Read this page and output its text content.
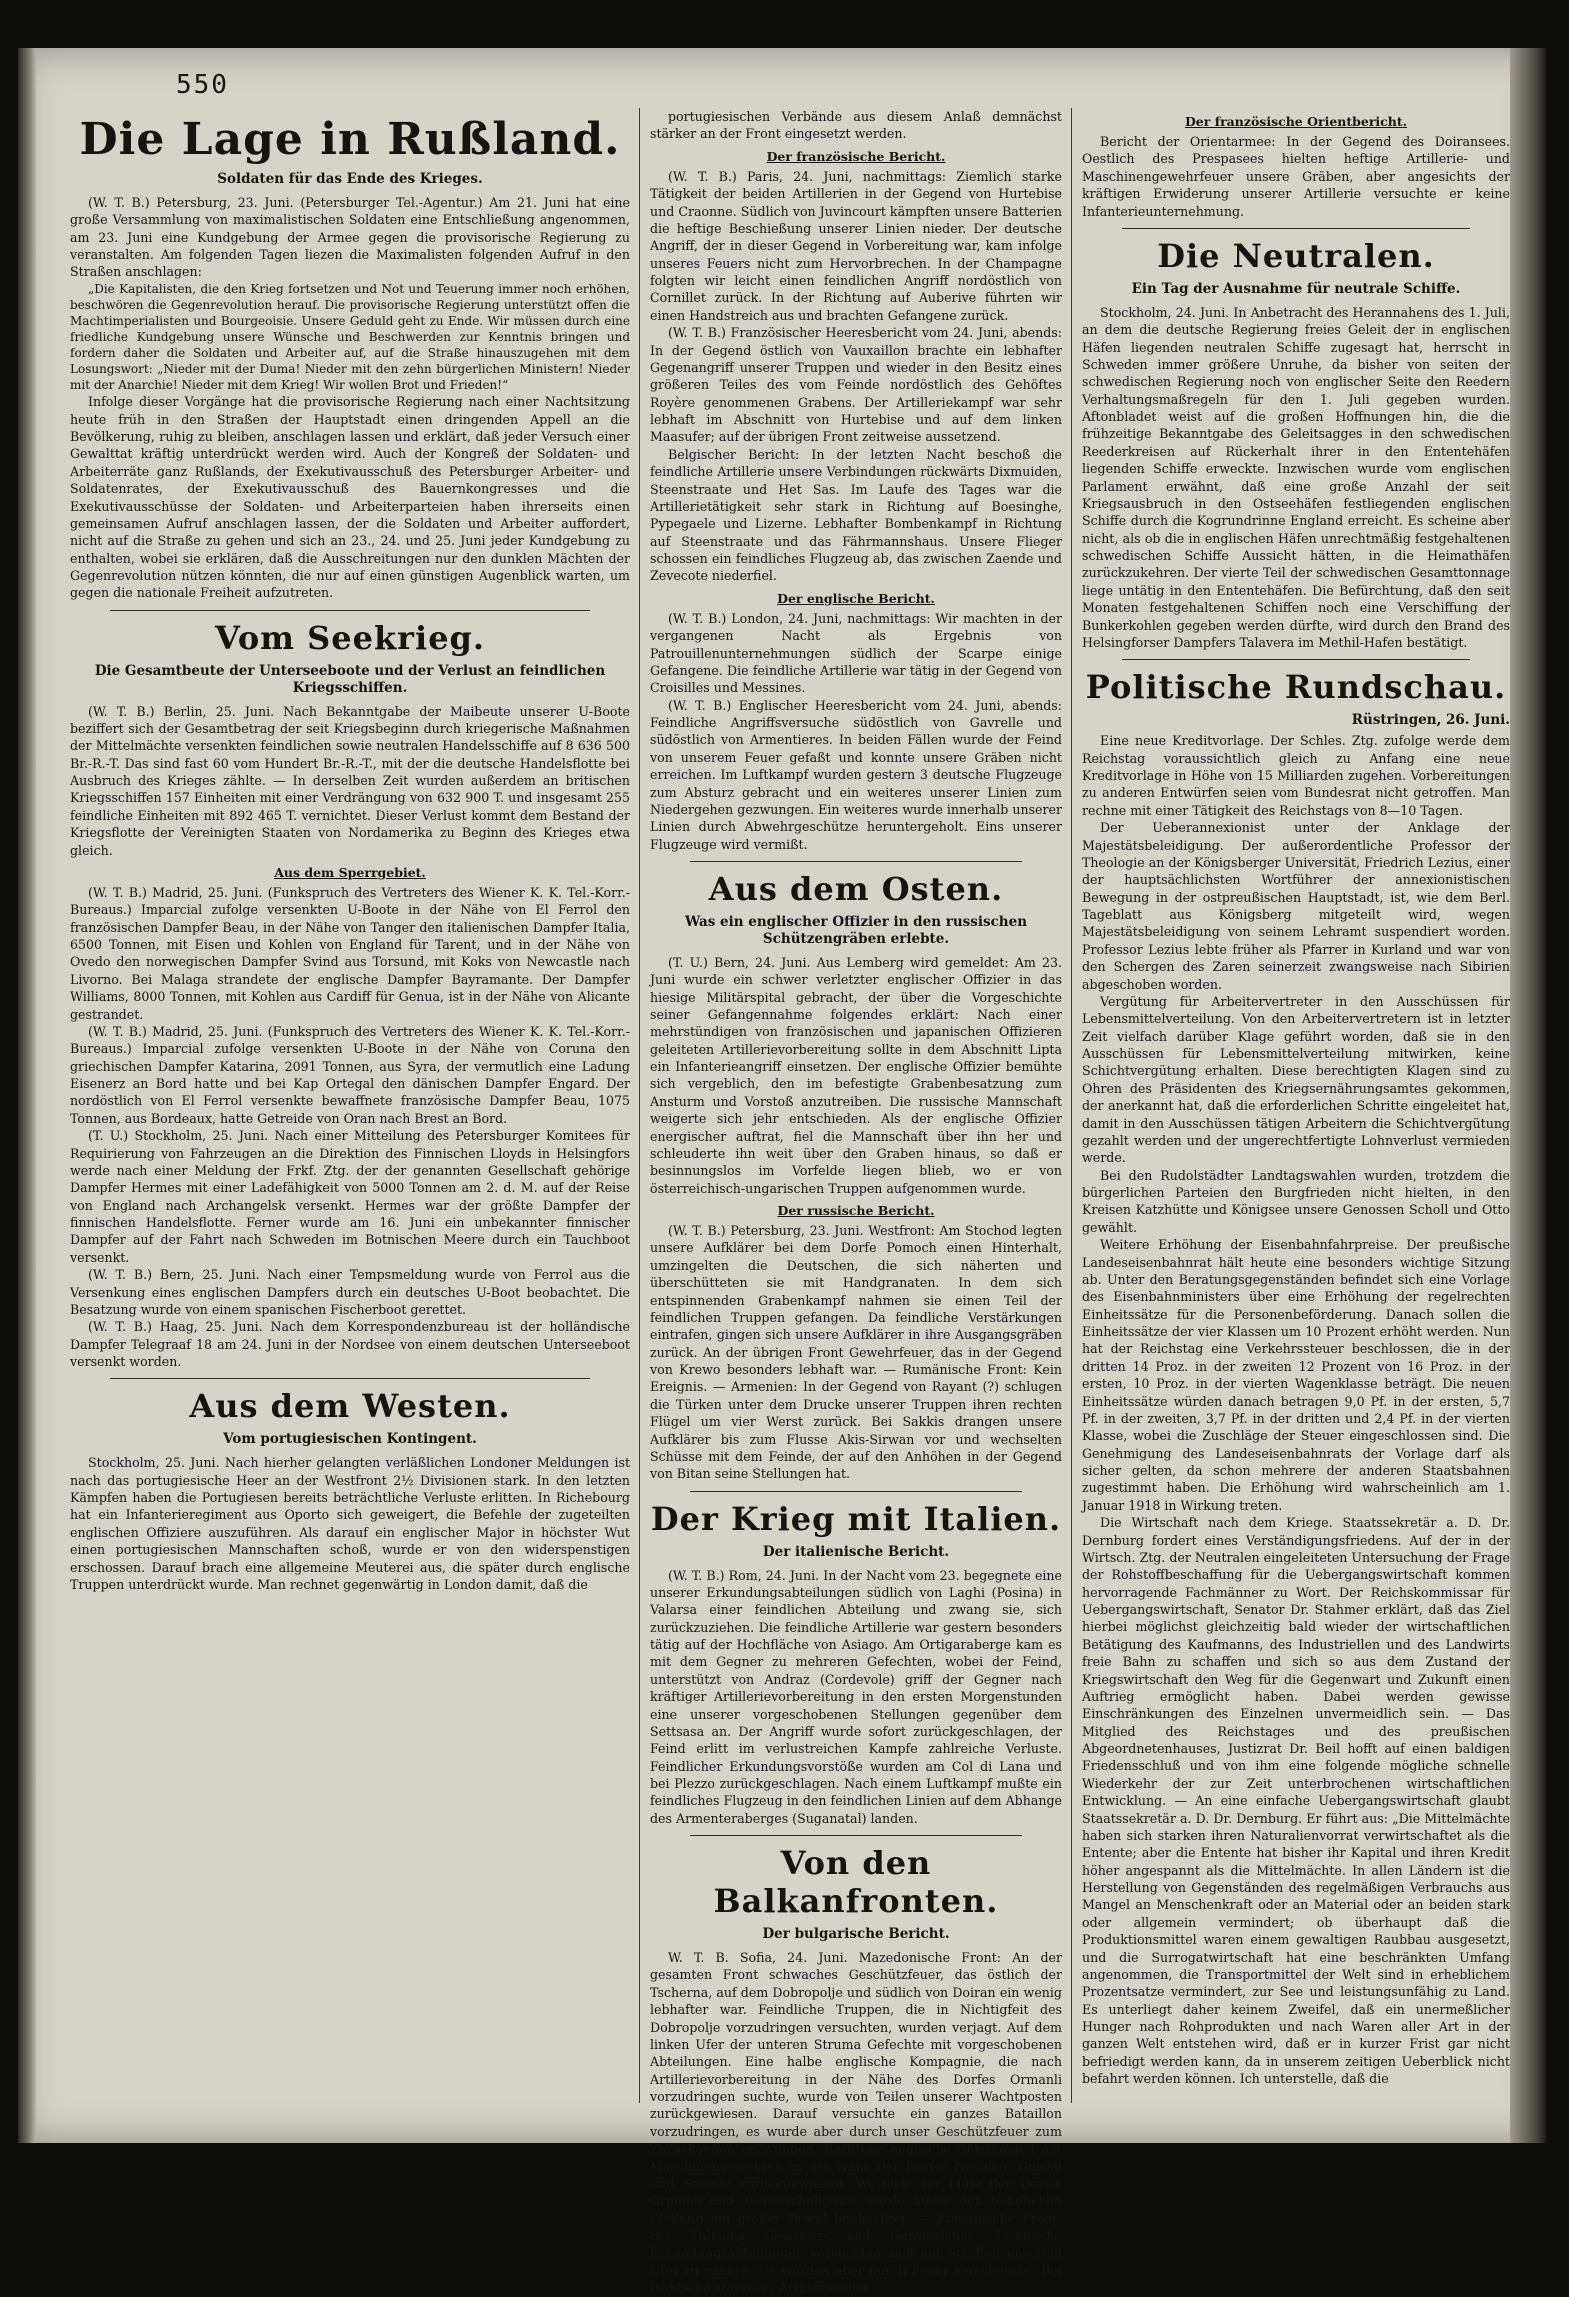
550
Die Lage in Rußland.
Soldaten für das Ende des Krieges.

(W. T. B.) Petersburg, 23. Juni. (Petersburger Tel.-Agentur.) Am 21. Juni hat eine große Versammlung von maximalistischen Soldaten eine Entschließung angenommen, am 23. Juni eine Kundgebung der Armee gegen die provisorische Regierung zu veranstalten. Am folgenden Tagen liezen die Maximalisten folgenden Aufruf in den Straßen anschlagen:

„Die Kapitalisten, die den Krieg fortsetzen und Not und Teuerung immer noch erhöhen, beschwören die Gegenrevolution herauf. Die provisorische Regierung unterstützt offen die Machtimperialisten und Bourgeoisie. Unsere Geduld geht zu Ende. Wir müssen durch eine friedliche Kundgebung unsere Wünsche und Beschwerden zur Kenntnis bringen und fordern daher die Soldaten und Arbeiter auf, auf die Straße hinauszugehen mit dem Losungswort: „Nieder mit der Duma! Nieder mit den zehn bürgerlichen Ministern! Nieder mit der Anarchie! Nieder mit dem Krieg! Wir wollen Brot und Frieden!“

Infolge dieser Vorgänge hat die provisorische Regierung nach einer Nachtsitzung heute früh in den Straßen der Hauptstadt einen dringenden Appell an die Bevölkerung, ruhig zu bleiben, anschlagen lassen und erklärt, daß jeder Versuch einer Gewalttat kräftig unterdrückt werden wird. Auch der Kongreß der Soldaten- und Arbeiterräte ganz Rußlands, der Exekutivausschuß des Petersburger Arbeiter- und Soldatenrates, der Exekutivausschuß des Bauernkongresses und die Exekutivausschüsse der Soldaten- und Arbeiterparteien haben ihrerseits einen gemeinsamen Aufruf anschlagen lassen, der die Soldaten und Arbeiter auffordert, nicht auf die Straße zu gehen und sich an 23., 24. und 25. Juni jeder Kundgebung zu enthalten, wobei sie erklären, daß die Ausschreitungen nur den dunklen Mächten der Gegenrevolution nützen könnten, die nur auf einen günstigen Augenblick warten, um gegen die nationale Freiheit aufzutreten.

Vom Seekrieg.
Die Gesamtbeute der Unterseeboote und der Verlust an feindlichen Kriegsschiffen.

(W. T. B.) Berlin, 25. Juni. Nach Bekanntgabe der Maibeute unserer U-Boote beziffert sich der Gesamtbetrag der seit Kriegsbeginn durch kriegerische Maßnahmen der Mittelmächte versenkten feindlichen sowie neutralen Handelsschiffe auf 8 636 500 Br.-R.-T. Das sind fast 60 vom Hundert Br.-R.-T., mit der die deutsche Handelsflotte bei Ausbruch des Krieges zählte. — In derselben Zeit wurden außerdem an britischen Kriegsschiffen 157 Einheiten mit einer Verdrängung von 632 900 T. und insgesamt 255 feindliche Einheiten mit 892 465 T. vernichtet. Dieser Verlust kommt dem Bestand der Kriegsflotte der Vereinigten Staaten von Nordamerika zu Beginn des Krieges etwa gleich.

Aus dem Sperrgebiet.

(W. T. B.) Madrid, 25. Juni. (Funkspruch des Vertreters des Wiener K. K. Tel.-Korr.-Bureaus.) Imparcial zufolge versenkten U-Boote in der Nähe von El Ferrol den französischen Dampfer Beau, in der Nähe von Tanger den italienischen Dampfer Italia, 6500 Tonnen, mit Eisen und Kohlen von England für Tarent, und in der Nähe von Ovedo den norwegischen Dampfer Svind aus Torsund, mit Koks von Newcastle nach Livorno. Bei Malaga strandete der englische Dampfer Bayramante. Der Dampfer Williams, 8000 Tonnen, mit Kohlen aus Cardiff für Genua, ist in der Nähe von Alicante gestrandet.

(W. T. B.) Madrid, 25. Juni. (Funkspruch des Vertreters des Wiener K. K. Tel.-Korr.-Bureaus.) Imparcial zufolge versenkten U-Boote in der Nähe von Coruna den griechischen Dampfer Katarina, 2091 Tonnen, aus Syra, der vermutlich eine Ladung Eisenerz an Bord hatte und bei Kap Ortegal den dänischen Dampfer Engard. Der nordöstlich von El Ferrol versenkte bewaffnete französische Dampfer Beau, 1075 Tonnen, aus Bordeaux, hatte Getreide von Oran nach Brest an Bord.

(T. U.) Stockholm, 25. Juni. Nach einer Mitteilung des Petersburger Komitees für Requirierung von Fahrzeugen an die Direktion des Finnischen Lloyds in Helsingfors werde nach einer Meldung der Frkf. Ztg. der der genannten Gesellschaft gehörige Dampfer Hermes mit einer Ladefähigkeit von 5000 Tonnen am 2. d. M. auf der Reise von England nach Archangelsk versenkt. Hermes war der größte Dampfer der finnischen Handelsflotte. Ferner wurde am 16. Juni ein unbekannter finnischer Dampfer auf der Fahrt nach Schweden im Botnischen Meere durch ein Tauchboot versenkt.

(W. T. B.) Bern, 25. Juni. Nach einer Tempsmeldung wurde von Ferrol aus die Versenkung eines englischen Dampfers durch ein deutsches U-Boot beobachtet. Die Besatzung wurde von einem spanischen Fischerboot gerettet.

(W. T. B.) Haag, 25. Juni. Nach dem Korrespondenzbureau ist der holländische Dampfer Telegraaf 18 am 24. Juni in der Nordsee von einem deutschen Unterseeboot versenkt worden.

Aus dem Westen.
Vom portugiesischen Kontingent.

Stockholm, 25. Juni. Nach hierher gelangten verläßlichen Londoner Meldungen ist nach das portugiesische Heer an der Westfront 2½ Divisionen stark. In den letzten Kämpfen haben die Portugiesen bereits beträchtliche Verluste erlitten. In Richebourg hat ein Infanterieregiment aus Oporto sich geweigert, die Befehle der zugeteilten englischen Offiziere auszuführen. Als darauf ein englischer Major in höchster Wut einen portugiesischen Mannschaften schoß, wurde er von den widerspenstigen erschossen. Darauf brach eine allgemeine Meuterei aus, die später durch englische Truppen unterdrückt wurde. Man rechnet gegenwärtig in London damit, daß die

portugiesischen Verbände aus diesem Anlaß demnächst stärker an der Front eingesetzt werden.

Der französische Bericht.

(W. T. B.) Paris, 24. Juni, nachmittags: Ziemlich starke Tätigkeit der beiden Artillerien in der Gegend von Hurtebise und Craonne. Südlich von Juvincourt kämpften unsere Batterien die heftige Beschießung unserer Linien nieder. Der deutsche Angriff, der in dieser Gegend in Vorbereitung war, kam infolge unseres Feuers nicht zum Hervorbrechen. In der Champagne folgten wir leicht einen feindlichen Angriff nordöstlich von Cornillet zurück. In der Richtung auf Auberive führten wir einen Handstreich aus und brachten Gefangene zurück.

(W. T. B.) Französischer Heeresbericht vom 24. Juni, abends: In der Gegend östlich von Vauxaillon brachte ein lebhafter Gegenangriff unserer Truppen und wieder in den Besitz eines größeren Teiles des vom Feinde nordöstlich des Gehöftes Royère genommenen Grabens. Der Artilleriekampf war sehr lebhaft im Abschnitt von Hurtebise und auf dem linken Maasufer; auf der übrigen Front zeitweise aussetzend.

Belgischer Bericht: In der letzten Nacht beschoß die feindliche Artillerie unsere Verbindungen rückwärts Dixmuiden, Steenstraate und Het Sas. Im Laufe des Tages war die Artillerietätigkeit sehr stark in Richtung auf Boesinghe, Pypegaele und Lizerne. Lebhafter Bombenkampf in Richtung auf Steenstraate und das Fährmannshaus. Unsere Flieger schossen ein feindliches Flugzeug ab, das zwischen Zaende und Zevecote niederfiel.

Der englische Bericht.

(W. T. B.) London, 24. Juni, nachmittags: Wir machten in der vergangenen Nacht als Ergebnis von Patrouillenunternehmungen südlich der Scarpe einige Gefangene. Die feindliche Artillerie war tätig in der Gegend von Croisilles und Messines.

(W. T. B.) Englischer Heeresbericht vom 24. Juni, abends: Feindliche Angriffsversuche südöstlich von Gavrelle und südöstlich von Armentieres. In beiden Fällen wurde der Feind von unserem Feuer gefaßt und konnte unsere Gräben nicht erreichen. Im Luftkampf wurden gestern 3 deutsche Flugzeuge zum Absturz gebracht und ein weiteres unserer Linien zum Niedergehen gezwungen. Ein weiteres wurde innerhalb unserer Linien durch Abwehrgeschütze heruntergeholt. Eins unserer Flugzeuge wird vermißt.

Aus dem Osten.
Was ein englischer Offizier in den russischen Schützengräben erlebte.

(T. U.) Bern, 24. Juni. Aus Lemberg wird gemeldet: Am 23. Juni wurde ein schwer verletzter englischer Offizier in das hiesige Militärspital gebracht, der über die Vorgeschichte seiner Gefangennahme folgendes erklärt: Nach einer mehrstündigen von französischen und japanischen Offizieren geleiteten Artillerievorbereitung sollte in dem Abschnitt Lipta ein Infanterieangriff einsetzen. Der englische Offizier bemühte sich vergeblich, den im befestigte Grabenbesatzung zum Ansturm und Vorstoß anzutreiben. Die russische Mannschaft weigerte sich jehr entschieden. Als der englische Offizier energischer auftrat, fiel die Mannschaft über ihn her und schleuderte ihn weit über den Graben hinaus, so daß er besinnungslos im Vorfelde liegen blieb, wo er von österreichisch-ungarischen Truppen aufgenommen wurde.

Der russische Bericht.

(W. T. B.) Petersburg, 23. Juni. Westfront: Am Stochod legten unsere Aufklärer bei dem Dorfe Pomoch einen Hinterhalt, umzingelten die Deutschen, die sich näherten und überschütteten sie mit Handgranaten. In dem sich entspinnenden Grabenkampf nahmen sie einen Teil der feindlichen Truppen gefangen. Da feindliche Verstärkungen eintrafen, gingen sich unsere Aufklärer in ihre Ausgangsgräben zurück. An der übrigen Front Gewehrfeuer, das in der Gegend von Krewo besonders lebhaft war. — Rumänische Front: Kein Ereignis. — Armenien: In der Gegend von Rayant (?) schlugen die Türken unter dem Drucke unserer Truppen ihren rechten Flügel um vier Werst zurück. Bei Sakkis drangen unsere Aufklärer bis zum Flusse Akis-Sirwan vor und wechselten Schüsse mit dem Feinde, der auf den Anhöhen in der Gegend von Bitan seine Stellungen hat.

Der Krieg mit Italien.
Der italienische Bericht.

(W. T. B.) Rom, 24. Juni. In der Nacht vom 23. begegnete eine unserer Erkundungsabteilungen südlich von Laghi (Posina) in Valarsa einer feindlichen Abteilung und zwang sie, sich zurückzuziehen. Die feindliche Artillerie war gestern besonders tätig auf der Hochfläche von Asiago. Am Ortigaraberge kam es mit dem Gegner zu mehreren Gefechten, wobei der Feind, unterstützt von Andraz (Cordevole) griff der Gegner nach kräftiger Artillerievorbereitung in den ersten Morgenstunden eine unserer vorgeschobenen Stellungen gegenüber dem Settsasa an. Der Angriff wurde sofort zurückgeschlagen, der Feind erlitt im verlustreichen Kampfe zahlreiche Verluste. Feindlicher Erkundungsvorstöße wurden am Col di Lana und bei Plezzo zurückgeschlagen. Nach einem Luftkampf mußte ein feindliches Flugzeug in den feindlichen Linien auf dem Abhange des Armenteraberges (Suganatal) landen.

Von den Balkanfronten.
Der bulgarische Bericht.

W. T. B. Sofia, 24. Juni. Mazedonische Front: An der gesamten Front schwaches Geschützfeuer, das östlich der Tscherna, auf dem Dobropolje und südlich von Doiran ein wenig lebhafter war. Feindliche Truppen, die in Nichtigfeit des Dobropolje vorzudringen versuchten, wurden verjagt. Auf dem linken Ufer der unteren Struma Gefechte mit vorgeschobenen Abteilungen. Eine halbe englische Kompagnie, die nach Artillerievorbereitung in der Nähe des Dorfes Ormanli vorzudringen suchte, wurde von Teilen unserer Wachtposten zurückgewiesen. Darauf versuchte ein ganzes Bataillon vorzudringen, es wurde aber durch unser Geschützfeuer zum Zurückgehen gezwungen. Berittene englische Abteilungen mit Maschinengewehren in der Nähe der Dörfer Nevolen, Gniskij und Selimie zurückgewiesen. Westlich der Linie der Dörfer Ormanli und Tschutschuligowo wurde hinter den feindlichen Stellung ein großer Brand beobachtet. — Rumänische Front: Bei Tultscha Geschütz- und Gewehrfeuer. Feindliche Erkundungsabteilungen versuchten sich auf Schiffen unserem Ufer zu nähern, sie wurden aber durch Feuer verscheucht. Bei Isaktscha stärkeres Artilleriefeuer.

Der französische Orientbericht.

Bericht der Orientarmee: In der Gegend des Doiransees. Oestlich des Prespasees hielten heftige Artillerie- und Maschinengewehrfeuer unsere Gräben, aber angesichts der kräftigen Erwiderung unserer Artillerie versuchte er keine Infanterieunternehmung.

Die Neutralen.
Ein Tag der Ausnahme für neutrale Schiffe.

Stockholm, 24. Juni. In Anbetracht des Herannahens des 1. Juli, an dem die deutsche Regierung freies Geleit der in englischen Häfen liegenden neutralen Schiffe zugesagt hat, herrscht in Schweden immer größere Unruhe, da bisher von seiten der schwedischen Regierung noch von englischer Seite den Reedern Verhaltungsmaßregeln für den 1. Juli gegeben wurden. Aftonbladet weist auf die großen Hoffnungen hin, die die frühzeitige Bekanntgabe des Geleitsagges in den schwedischen Reederkreisen auf Rückerhalt ihrer in den Ententehäfen liegenden Schiffe erweckte. Inzwischen wurde vom englischen Parlament erwähnt, daß eine große Anzahl der seit Kriegsausbruch in den Ostseehäfen festliegenden englischen Schiffe durch die Kogrundrinne England erreicht. Es scheine aber nicht, als ob die in englischen Häfen unrechtmäßig festgehaltenen schwedischen Schiffe Aussicht hätten, in die Heimathäfen zurückzukehren. Der vierte Teil der schwedischen Gesamttonnage liege untätig in den Ententehäfen. Die Befürchtung, daß den seit Monaten festgehaltenen Schiffen noch eine Verschiffung der Bunkerkohlen gegeben werden dürfte, wird durch den Brand des Helsingforser Dampfers Talavera im Methil-Hafen bestätigt.

Politische Rundschau.
Rüstringen, 26. Juni.

Eine neue Kreditvorlage. Der Schles. Ztg. zufolge werde dem Reichstag voraussichtlich gleich zu Anfang eine neue Kreditvorlage in Höhe von 15 Milliarden zugehen. Vorbereitungen zu anderen Entwürfen seien vom Bundesrat nicht getroffen. Man rechne mit einer Tätigkeit des Reichstags von 8—10 Tagen.

Der Ueberannexionist unter der Anklage der Majestätsbeleidigung. Der außerordentliche Professor der Theologie an der Königsberger Universität, Friedrich Lezius, einer der hauptsächlichsten Wortführer der annexionistischen Bewegung in der ostpreußischen Hauptstadt, ist, wie dem Berl. Tageblatt aus Königsberg mitgeteilt wird, wegen Majestätsbeleidigung von seinem Lehramt suspendiert worden. Professor Lezius lebte früher als Pfarrer in Kurland und war von den Schergen des Zaren seinerzeit zwangsweise nach Sibirien abgeschoben worden.

Vergütung für Arbeitervertreter in den Ausschüssen für Lebensmittelverteilung. Von den Arbeitervertretern ist in letzter Zeit vielfach darüber Klage geführt worden, daß sie in den Ausschüssen für Lebensmittelverteilung mitwirken, keine Schichtvergütung erhalten. Diese berechtigten Klagen sind zu Ohren des Präsidenten des Kriegsernährungsamtes gekommen, der anerkannt hat, daß die erforderlichen Schritte eingeleitet hat, damit in den Ausschüssen tätigen Arbeitern die Schichtvergütung gezahlt werden und der ungerechtfertigte Lohnverlust vermieden werde.

Bei den Rudolstädter Landtagswahlen wurden, trotzdem die bürgerlichen Parteien den Burgfrieden nicht hielten, in den Kreisen Katzhütte und Königsee unsere Genossen Scholl und Otto gewählt.

Weitere Erhöhung der Eisenbahnfahrpreise. Der preußische Landeseisenbahnrat hält heute eine besonders wichtige Sitzung ab. Unter den Beratungsgegenständen befindet sich eine Vorlage des Eisenbahnministers über eine Erhöhung der regelrechten Einheitssätze für die Personenbeförderung. Danach sollen die Einheitssätze der vier Klassen um 10 Prozent erhöht werden. Nun hat der Reichstag eine Verkehrssteuer beschlossen, die in der dritten 14 Proz. in der zweiten 12 Prozent von 16 Proz. in der ersten, 10 Proz. in der vierten Wagenklasse beträgt. Die neuen Einheitssätze würden danach betragen 9,0 Pf. in der ersten, 5,7 Pf. in der zweiten, 3,7 Pf. in der dritten und 2,4 Pf. in der vierten Klasse, wobei die Zuschläge der Steuer eingeschlossen sind. Die Genehmigung des Landeseisenbahnrats der Vorlage darf als sicher gelten, da schon mehrere der anderen Staatsbahnen zugestimmt haben. Die Erhöhung wird wahrscheinlich am 1. Januar 1918 in Wirkung treten.

Die Wirtschaft nach dem Kriege. Staatssekretär a. D. Dr. Dernburg fordert eines Verständigungsfriedens. Auf der in der Wirtsch. Ztg. der Neutralen eingeleiteten Untersuchung der Frage der Rohstoffbeschaffung für die Uebergangswirtschaft kommen hervorragende Fachmänner zu Wort. Der Reichskommissar für Uebergangswirtschaft, Senator Dr. Stahmer erklärt, daß das Ziel hierbei möglichst gleichzeitig bald wieder der wirtschaftlichen Betätigung des Kaufmanns, des Industriellen und des Landwirts freie Bahn zu schaffen und sich so aus dem Zustand der Kriegswirtschaft den Weg für die Gegenwart und Zukunft einen Auftrieg ermöglicht haben. Dabei werden gewisse Einschränkungen des Einzelnen unvermeidlich sein. — Das Mitglied des Reichstages und des preußischen Abgeordnetenhauses, Justizrat Dr. Beil hofft auf einen baldigen Friedensschluß und von ihm eine folgende mögliche schnelle Wiederkehr der zur Zeit unterbrochenen wirtschaftlichen Entwicklung. — An eine einfache Uebergangswirtschaft glaubt Staatssekretär a. D. Dr. Dernburg. Er führt aus: „Die Mittelmächte haben sich starken ihren Naturalienvorrat verwirtschaftet als die Entente; aber die Entente hat bisher ihr Kapital und ihren Kredit höher angespannt als die Mittelmächte. In allen Ländern ist die Herstellung von Gegenständen des regelmäßigen Verbrauchs aus Mangel an Menschenkraft oder an Material oder an beiden stark oder allgemein vermindert; ob überhaupt daß die Produktionsmittel waren einem gewaltigen Raubbau ausgesetzt, und die Surrogatwirtschaft hat eine beschränkten Umfang angenommen, die Transportmittel der Welt sind in erheblichem Prozentsatze vermindert, zur See und leistungsunfähig zu Land. Es unterliegt daher keinem Zweifel, daß ein unermeßlicher Hunger nach Rohprodukten und nach Waren aller Art in der ganzen Welt entstehen wird, daß er in kurzer Frist gar nicht befriedigt werden kann, da in unserem zeitigen Ueberblick nicht befahrt werden können. Ich unterstelle, daß die
